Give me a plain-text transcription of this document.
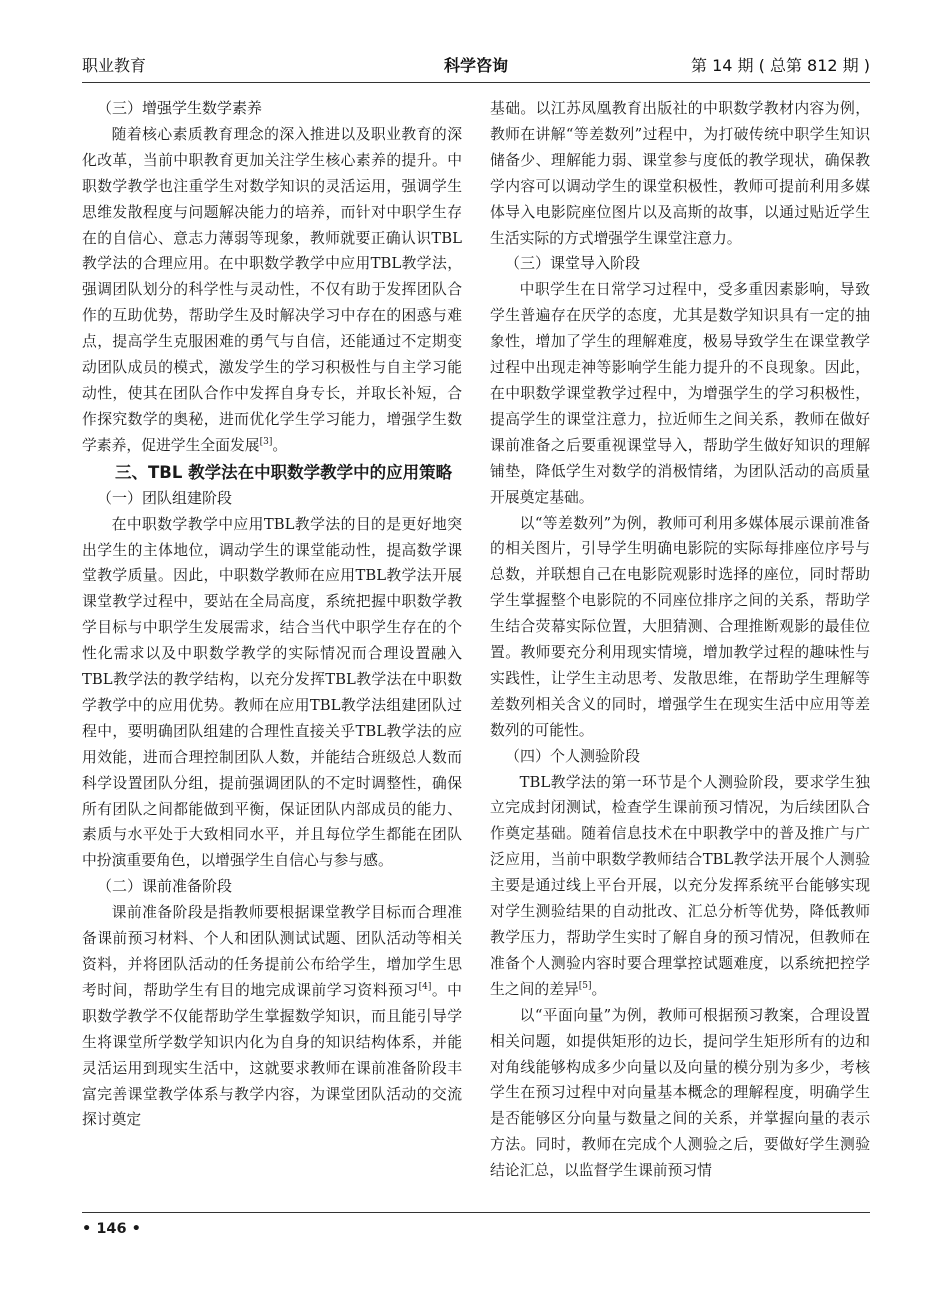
职业教育	科学咨询	第 14 期 ( 总第 812 期 )
（三）增强学生数学素养

随着核心素质教育理念的深入推进以及职业教育的深化改革，当前中职教育更加关注学生核心素养的提升。中职数学教学也注重学生对数学知识的灵活运用，强调学生思维发散程度与问题解决能力的培养，而针对中职学生存在的自信心、意志力薄弱等现象，教师就要正确认识TBL教学法的合理应用。在中职数学教学中应用TBL教学法，强调团队划分的科学性与灵动性，不仅有助于发挥团队合作的互助优势，帮助学生及时解决学习中存在的困惑与难点，提高学生克服困难的勇气与自信，还能通过不定期变动团队成员的模式，激发学生的学习积极性与自主学习能动性，使其在团队合作中发挥自身专长，并取长补短，合作探究数学的奥秘，进而优化学生学习能力，增强学生数学素养，促进学生全面发展[3]。

三、TBL 教学法在中职数学教学中的应用策略
（一）团队组建阶段

在中职数学教学中应用TBL教学法的目的是更好地突出学生的主体地位，调动学生的课堂能动性，提高数学课堂教学质量。因此，中职数学教师在应用TBL教学法开展课堂教学过程中，要站在全局高度，系统把握中职数学教学目标与中职学生发展需求，结合当代中职学生存在的个性化需求以及中职数学教学的实际情况而合理设置融入TBL教学法的教学结构，以充分发挥TBL教学法在中职数学教学中的应用优势。教师在应用TBL教学法组建团队过程中，要明确团队组建的合理性直接关乎TBL教学法的应用效能，进而合理控制团队人数，并能结合班级总人数而科学设置团队分组，提前强调团队的不定时调整性，确保所有团队之间都能做到平衡，保证团队内部成员的能力、素质与水平处于大致相同水平，并且每位学生都能在团队中扮演重要角色，以增强学生自信心与参与感。

（二）课前准备阶段

课前准备阶段是指教师要根据课堂教学目标而合理准备课前预习材料、个人和团队测试试题、团队活动等相关资料，并将团队活动的任务提前公布给学生，增加学生思考时间，帮助学生有目的地完成课前学习资料预习[4]。中职数学教学不仅能帮助学生掌握数学知识，而且能引导学生将课堂所学数学知识内化为自身的知识结构体系，并能灵活运用到现实生活中，这就要求教师在课前准备阶段丰富完善课堂教学体系与教学内容，为课堂团队活动的交流探讨奠定

基础。以江苏凤凰教育出版社的中职数学教材内容为例，教师在讲解“等差数列”过程中，为打破传统中职学生知识储备少、理解能力弱、课堂参与度低的教学现状，确保教学内容可以调动学生的课堂积极性，教师可提前利用多媒体导入电影院座位图片以及高斯的故事，以通过贴近学生生活实际的方式增强学生课堂注意力。

（三）课堂导入阶段

中职学生在日常学习过程中，受多重因素影响，导致学生普遍存在厌学的态度，尤其是数学知识具有一定的抽象性，增加了学生的理解难度，极易导致学生在课堂教学过程中出现走神等影响学生能力提升的不良现象。因此，在中职数学课堂教学过程中，为增强学生的学习积极性，提高学生的课堂注意力，拉近师生之间关系，教师在做好课前准备之后要重视课堂导入，帮助学生做好知识的理解铺垫，降低学生对数学的消极情绪，为团队活动的高质量开展奠定基础。

以“等差数列”为例，教师可利用多媒体展示课前准备的相关图片，引导学生明确电影院的实际每排座位序号与总数，并联想自己在电影院观影时选择的座位，同时帮助学生掌握整个电影院的不同座位排序之间的关系，帮助学生结合荧幕实际位置，大胆猜测、合理推断观影的最佳位置。教师要充分利用现实情境，增加教学过程的趣味性与实践性，让学生主动思考、发散思维，在帮助学生理解等差数列相关含义的同时，增强学生在现实生活中应用等差数列的可能性。

（四）个人测验阶段

TBL教学法的第一环节是个人测验阶段，要求学生独立完成封闭测试，检查学生课前预习情况，为后续团队合作奠定基础。随着信息技术在中职教学中的普及推广与广泛应用，当前中职数学教师结合TBL教学法开展个人测验主要是通过线上平台开展，以充分发挥系统平台能够实现对学生测验结果的自动批改、汇总分析等优势，降低教师教学压力，帮助学生实时了解自身的预习情况，但教师在准备个人测验内容时要合理掌控试题难度，以系统把控学生之间的差异[5]。

以“平面向量”为例，教师可根据预习教案，合理设置相关问题，如提供矩形的边长，提问学生矩形所有的边和对角线能够构成多少向量以及向量的模分别为多少，考核学生在预习过程中对向量基本概念的理解程度，明确学生是否能够区分向量与数量之间的关系，并掌握向量的表示方法。同时，教师在完成个人测验之后，要做好学生测验结论汇总，以监督学生课前预习情

• 146 •
